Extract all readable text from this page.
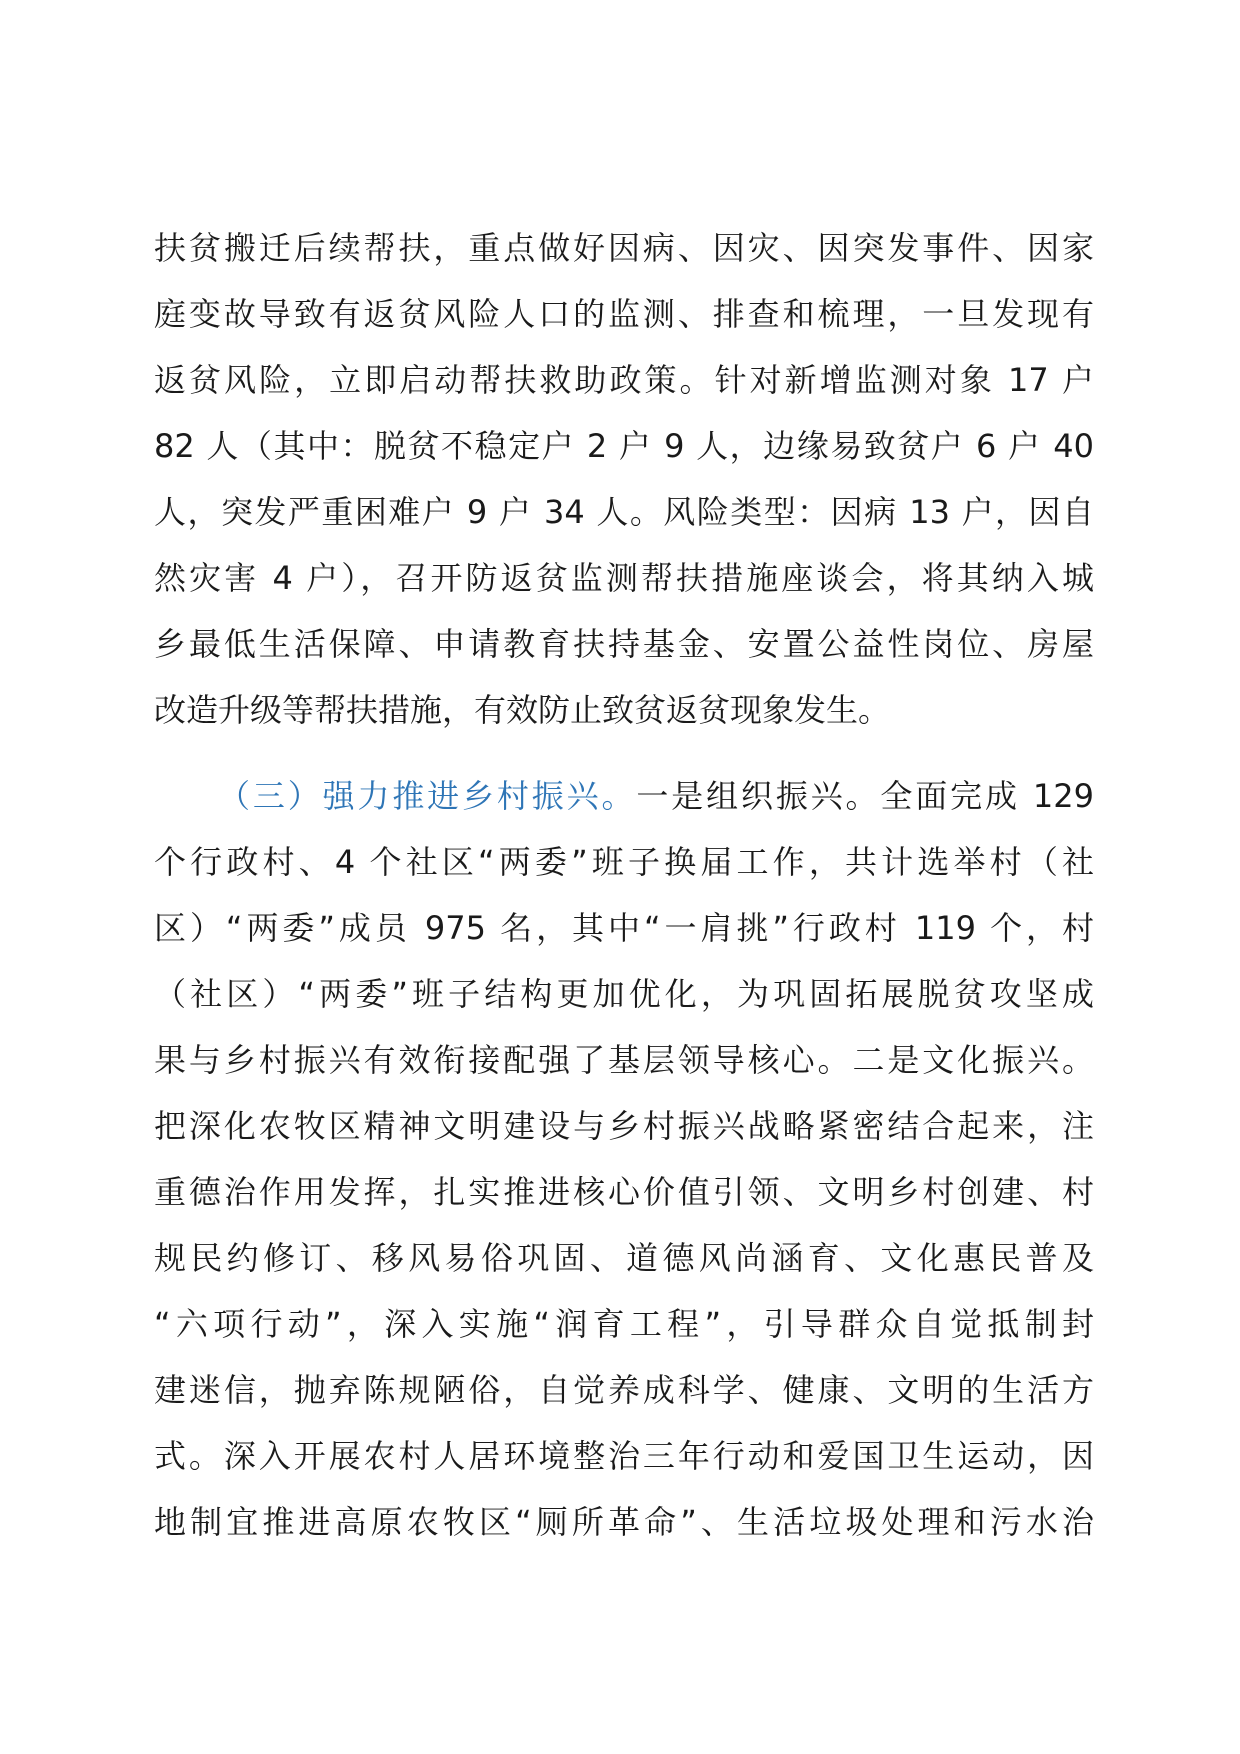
扶贫搬迁后续帮扶，重点做好因病、因灾、因突发事件、因家
庭变故导致有返贫风险人口的监测、排查和梳理，一旦发现有
返贫风险，立即启动帮扶救助政策。针对新增监测对象 17 户
82 人（其中：脱贫不稳定户 2 户 9 人，边缘易致贫户 6 户 40
人，突发严重困难户 9 户 34 人。风险类型：因病 13 户，因自
然灾害 4 户），召开防返贫监测帮扶措施座谈会，将其纳入城
乡最低生活保障、申请教育扶持基金、安置公益性岗位、房屋
改造升级等帮扶措施，有效防止致贫返贫现象发生。
（三）强力推进乡村振兴。一是组织振兴。全面完成 129
个行政村、4 个社区“两委”班子换届工作，共计选举村（社
区）“两委”成员 975 名，其中“一肩挑”行政村 119 个，村
（社区）“两委”班子结构更加优化，为巩固拓展脱贫攻坚成
果与乡村振兴有效衔接配强了基层领导核心。二是文化振兴。
把深化农牧区精神文明建设与乡村振兴战略紧密结合起来，注
重德治作用发挥，扎实推进核心价值引领、文明乡村创建、村
规民约修订、移风易俗巩固、道德风尚涵育、文化惠民普及
“六项行动”，深入实施“润育工程”，引导群众自觉抵制封
建迷信，抛弃陈规陋俗，自觉养成科学、健康、文明的生活方
式。深入开展农村人居环境整治三年行动和爱国卫生运动，因
地制宜推进高原农牧区“厕所革命”、生活垃圾处理和污水治
